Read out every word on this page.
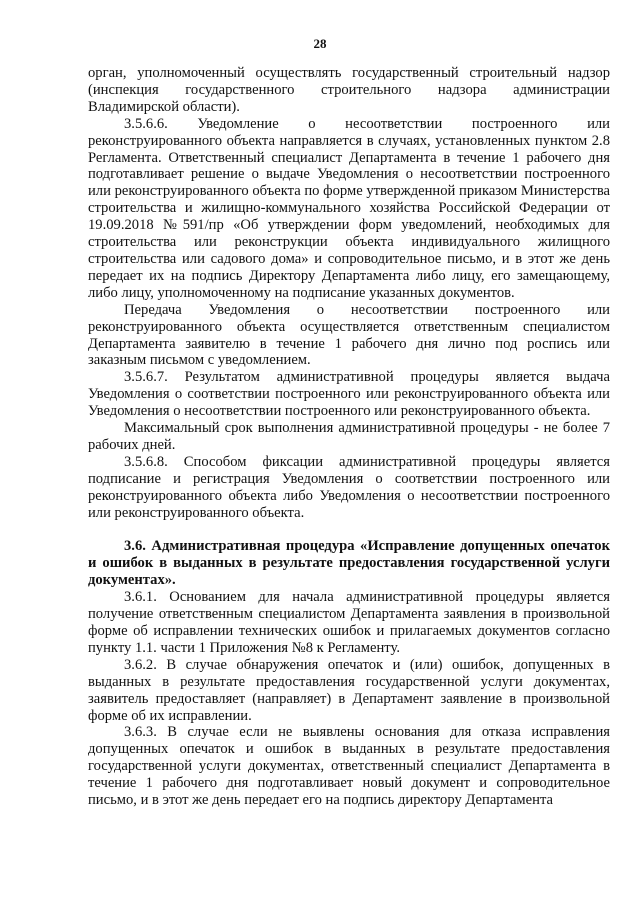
28

орган, уполномоченный осуществлять государственный строительный надзор (инспекция государственного строительного надзора администрации Владимирской области).

3.5.6.6. Уведомление о несоответствии построенного или реконструированного объекта направляется в случаях, установленных пунктом 2.8 Регламента. Ответственный специалист Департамента в течение 1 рабочего дня подготавливает решение о выдаче Уведомления о несоответствии построенного или реконструированного объекта по форме утвержденной приказом Министерства строительства и жилищно-коммунального хозяйства Российской Федерации от 19.09.2018 №591/пр «Об утверждении форм уведомлений, необходимых для строительства или реконструкции объекта индивидуального жилищного строительства или садового дома» и сопроводительное письмо, и в этот же день передает их на подпись Директору Департамента либо лицу, его замещающему, либо лицу, уполномоченному на подписание указанных документов.

Передача Уведомления о несоответствии построенного или реконструированного объекта осуществляется ответственным специалистом Департамента заявителю в течение 1 рабочего дня лично под роспись или заказным письмом с уведомлением.

3.5.6.7. Результатом административной процедуры является выдача Уведомления о соответствии построенного или реконструированного объекта или Уведомления о несоответствии построенного или реконструированного объекта.

Максимальный срок выполнения административной процедуры - не более 7 рабочих дней.

3.5.6.8. Способом фиксации административной процедуры является подписание и регистрация Уведомления о соответствии построенного или реконструированного объекта либо Уведомления о несоответствии построенного или реконструированного объекта.

3.6. Административная процедура «Исправление допущенных опечаток и ошибок в выданных в результате предоставления государственной услуги документах».

3.6.1. Основанием для начала административной процедуры является получение ответственным специалистом Департамента заявления в произвольной форме об исправлении технических ошибок и прилагаемых документов согласно пункту 1.1. части 1 Приложения №8 к Регламенту.

3.6.2. В случае обнаружения опечаток и (или) ошибок, допущенных в выданных в результате предоставления государственной услуги документах, заявитель предоставляет (направляет) в Департамент заявление в произвольной форме об их исправлении.

3.6.3. В случае если не выявлены основания для отказа исправления допущенных опечаток и ошибок в выданных в результате предоставления государственной услуги документах, ответственный специалист Департамента в течение 1 рабочего дня подготавливает новый документ и сопроводительное письмо, и в этот же день передает его на подпись директору Департамента
